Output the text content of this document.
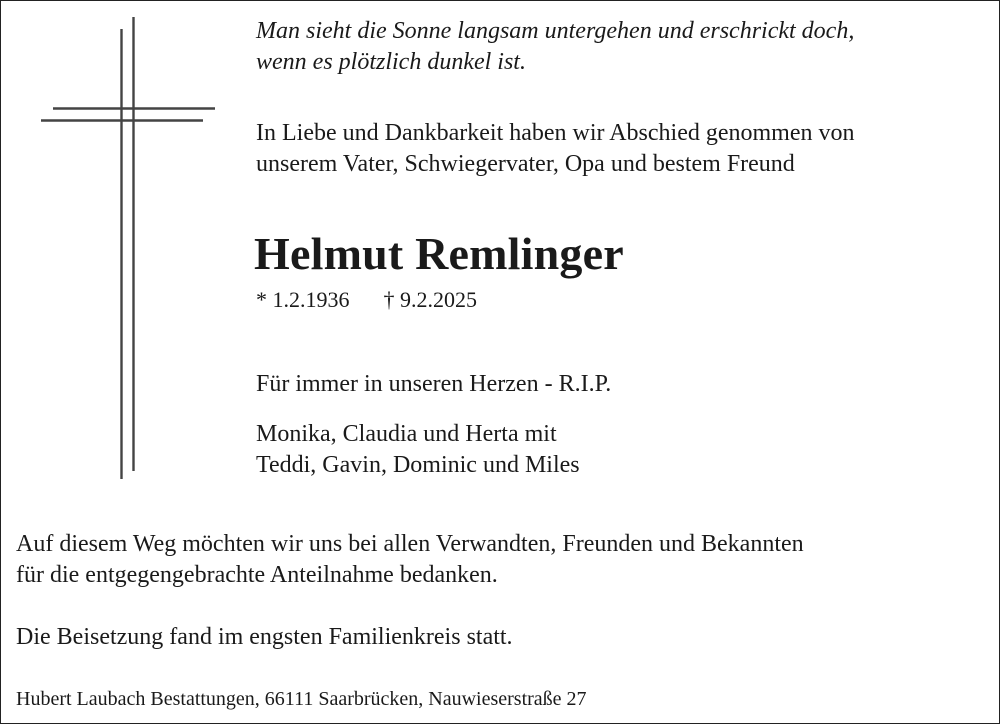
Man sieht die Sonne langsam untergehen und erschrickt doch,
wenn es plötzlich dunkel ist.

In Liebe und Dankbarkeit haben wir Abschied genommen von
unserem Vater, Schwiegervater, Opa und bestem Freund

Helmut Remlinger

* 1.2.1936 † 9.2.2025

Für immer in unseren Herzen - R.I.P.

Monika, Claudia und Herta mit
Teddi, Gavin, Dominic und Miles

Auf diesem Weg möchten wir uns bei allen Verwandten, Freunden und Bekannten
für die entgegengebrachte Anteilnahme bedanken.

Die Beisetzung fand im engsten Familienkreis statt.

Hubert Laubach Bestattungen, 66111 Saarbrücken, Nauwieserstraße 27
